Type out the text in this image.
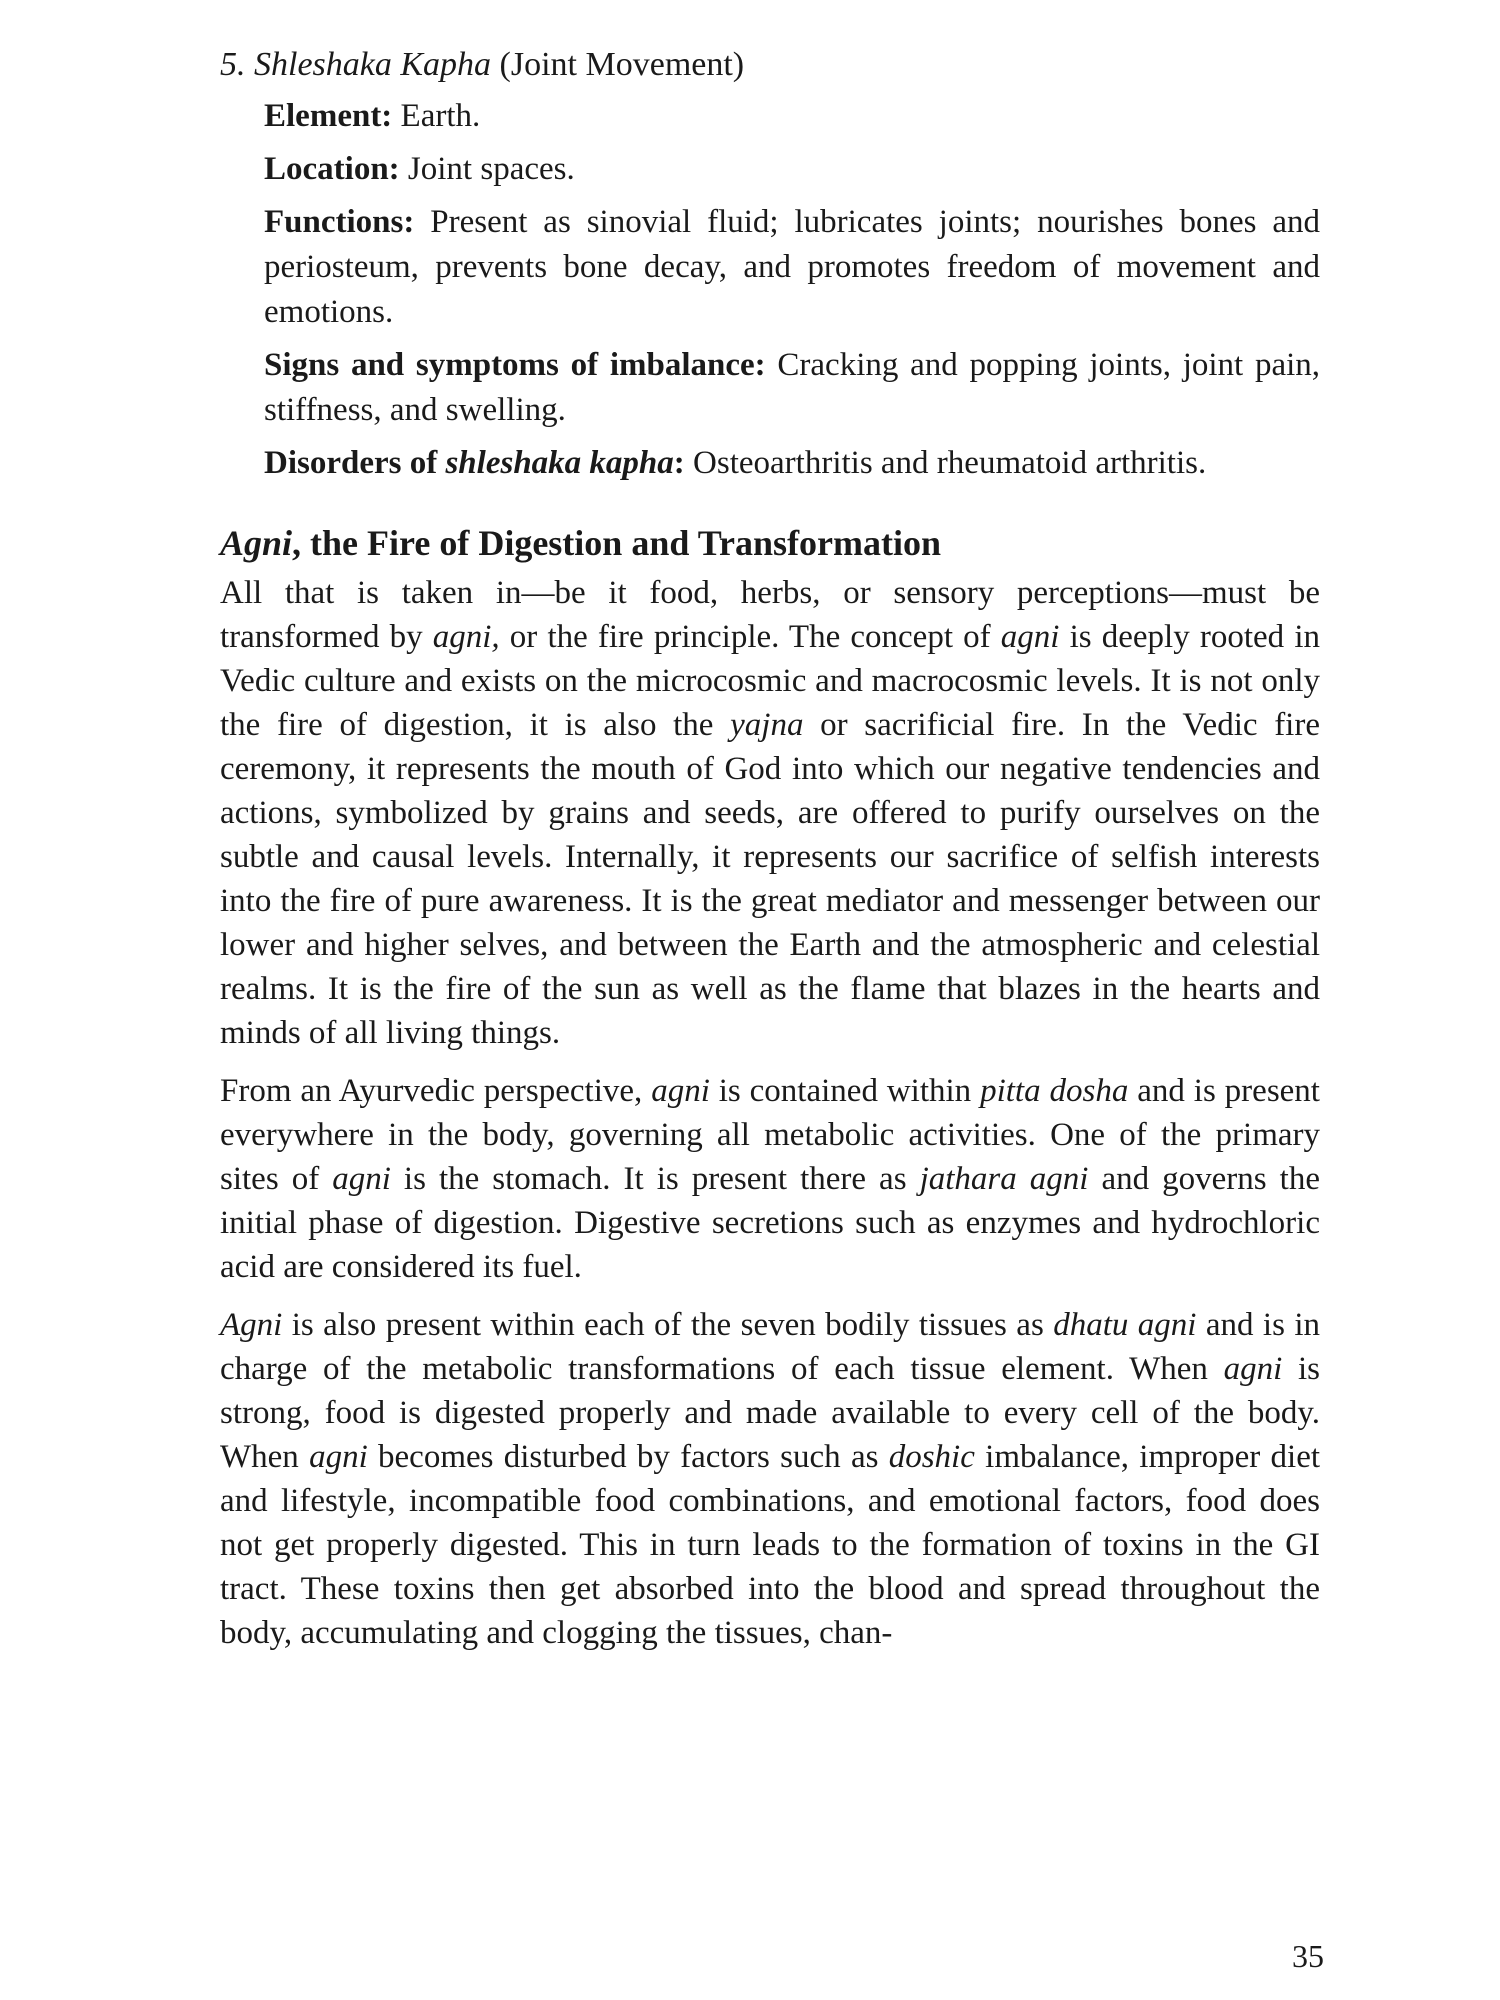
5. Shleshaka Kapha (Joint Movement)
Element: Earth.
Location: Joint spaces.
Functions: Present as sinovial fluid; lubricates joints; nourishes bones and periosteum, prevents bone decay, and promotes freedom of movement and emotions.
Signs and symptoms of imbalance: Cracking and popping joints, joint pain, stiffness, and swelling.
Disorders of shleshaka kapha: Osteoarthritis and rheumatoid arthritis.
Agni, the Fire of Digestion and Transformation

All that is taken in—be it food, herbs, or sensory perceptions—must be transformed by agni, or the fire principle. The concept of agni is deeply rooted in Vedic culture and exists on the microcosmic and macrocosmic levels. It is not only the fire of digestion, it is also the yajna or sacrificial fire. In the Vedic fire ceremony, it represents the mouth of God into which our negative tendencies and actions, symbolized by grains and seeds, are offered to purify ourselves on the subtle and causal levels. Internally, it represents our sacrifice of selfish interests into the fire of pure awareness. It is the great mediator and messenger between our lower and higher selves, and between the Earth and the atmospheric and celestial realms. It is the fire of the sun as well as the flame that blazes in the hearts and minds of all living things.

From an Ayurvedic perspective, agni is contained within pitta dosha and is present everywhere in the body, governing all metabolic activities. One of the primary sites of agni is the stomach. It is present there as jathara agni and governs the initial phase of digestion. Digestive secretions such as enzymes and hydrochloric acid are considered its fuel.

Agni is also present within each of the seven bodily tissues as dhatu agni and is in charge of the metabolic transformations of each tissue element. When agni is strong, food is digested properly and made available to every cell of the body. When agni becomes disturbed by factors such as doshic imbalance, improper diet and lifestyle, incompatible food combinations, and emotional factors, food does not get properly digested. This in turn leads to the formation of toxins in the GI tract. These toxins then get absorbed into the blood and spread throughout the body, accumulating and clogging the tissues, chan-

35
